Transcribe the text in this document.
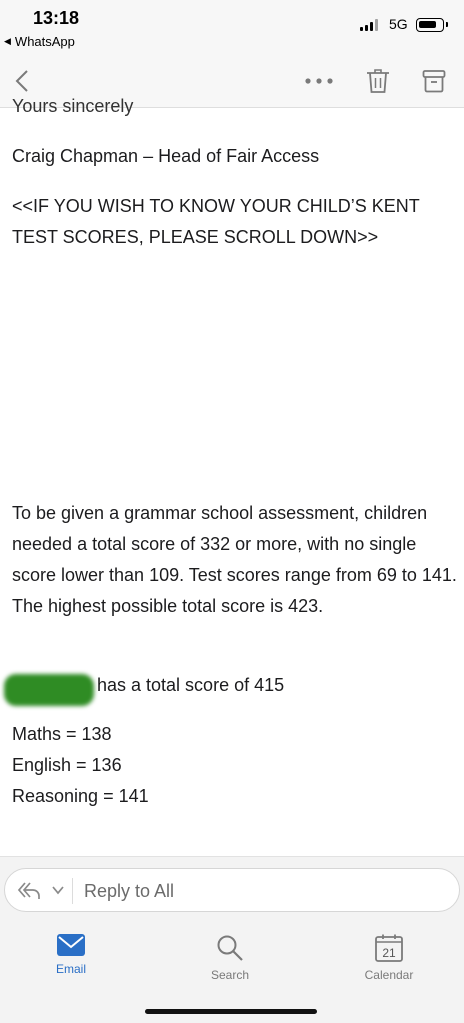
13:18
◀ WhatsApp
5G
Yours sincerely
Craig Chapman – Head of Fair Access
<<IF YOU WISH TO KNOW YOUR CHILD’S KENT TEST SCORES, PLEASE SCROLL DOWN>>
To be given a grammar school assessment, children needed a total score of 332 or more, with no single score lower than 109. Test scores range from 69 to 141. The highest possible total score is 423.
has a total score of 415
Maths = 138
English = 136
Reasoning = 141
Reply to All
Email	Search
21
Calendar
